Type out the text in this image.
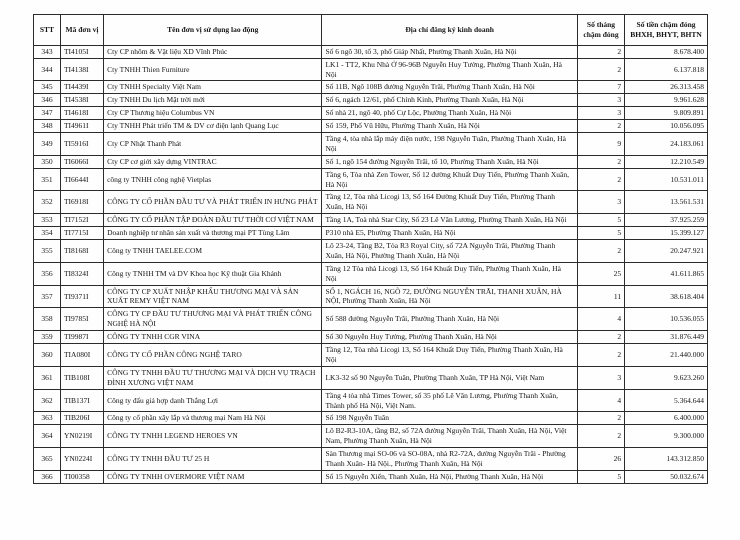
STT	Mã đơn vị	Tên đơn vị sử dụng lao động	Địa chỉ đăng ký kinh doanh	Số tháng chậm đóng	Số tiền chậm đóng BHXH, BHYT, BHTN
343	TI4105I	Cty CP nhôm & Vật liệu XD Vĩnh Phúc	Số 6 ngõ 30, tổ 3, phố Giáp Nhất, Phường Thanh Xuân, Hà Nội	2	8.678.400
344	TI4138I	Cty TNHH Thien Furniture	LK1 - TT2, Khu Nhà Ở 96-96B Nguyễn Huy Tưởng, Phường Thanh Xuân, Hà Nội	2	6.137.818
345	TI4439I	Cty TNHH Specialty Việt Nam	Số 11B, Ngõ 108B đường Nguyễn Trãi, Phường Thanh Xuân, Hà Nội	7	26.313.458
346	TI4538I	Cty TNHH Du lịch Mặt trời mới	Số 6, ngách 12/61, phố Chính Kinh, Phường Thanh Xuân, Hà Nội	3	9.961.628
347	TI4618I	Cty CP Thương hiệu Columbus VN	Số nhà 21, ngõ 40, phố Cự Lộc, Phường Thanh Xuân, Hà Nội	3	9.809.891
348	TI4961I	Cty TNHH Phát triển TM & DV cơ điện lạnh Quang Lục	Số 159, Phố Vũ Hữu, Phường Thanh Xuân, Hà Nội	2	10.056.095
349	TI5916I	Cty CP Nhật Thanh Phát	Tầng 4, tòa nhà lắp máy điện nước, 198 Nguyễn Tuân, Phường Thanh Xuân, Hà Nội	9	24.183.061
350	TI6066I	Cty CP cơ giới xây dựng VINTRAC	Số 1, ngõ 154 đường Nguyễn Trãi, tổ 10, Phường Thanh Xuân, Hà Nội	2	12.210.549
351	TI6644I	công ty TNHH công nghệ Vietplas	Tầng 6, Tòa nhà Zen Tower, Số 12 đường Khuất Duy Tiến, Phường Thanh Xuân, Hà Nội	2	10.531.011
352	TI6918I	CÔNG TY CỔ PHẦN ĐẦU TƯ VÀ PHÁT TRIỂN IN HƯNG PHÁT	Tầng 12, Tòa nhà Licogi 13, Số 164 Đường Khuất Duy Tiến, Phường Thanh Xuân, Hà Nội	3	13.561.531
353	TI7152I	CÔNG TY CỔ PHẦN TẬP ĐOÀN ĐẦU TƯ THỜI CƠ VIỆT NAM	Tầng 1A, Toà nhà Star City, Số 23 Lê Văn Lương, Phường Thanh Xuân, Hà Nội	5	37.925.259
354	TI7715I	Doanh nghiệp tư nhân sản xuất và thương mại PT Tùng Lâm	P310 nhà E5, Phường Thanh Xuân, Hà Nội	5	15.399.127
355	TI8168I	Công ty TNHH TAELEE.COM	Lô 23-24, Tầng B2, Tòa R3 Royal City, số 72A Nguyễn Trãi, Phường Thanh Xuân, Hà Nội, Phường Thanh Xuân, Hà Nội	2	20.247.921
356	TI8324I	Công ty TNHH TM và DV Khoa học Kỹ thuật Gia Khánh	Tầng 12 Tòa nhà Licogi 13, Số 164 Khuất Duy Tiến, Phường Thanh Xuân, Hà Nội	25	41.611.865
357	TI9371I	CÔNG TY CP XUẤT NHẬP KHẨU THƯƠNG MẠI VÀ SẢN XUẤT REMY VIỆT NAM	SỐ 1, NGÁCH 16, NGÕ 72, ĐƯỜNG NGUYỄN TRÃI, THANH XUÂN, HÀ NỘI, Phường Thanh Xuân, Hà Nội	11	38.618.404
358	TI9785I	CÔNG TY CP ĐẦU TƯ THƯƠNG MẠI VÀ PHÁT TRIỂN CÔNG NGHỆ HÀ NỘI	Số 588 đường Nguyễn Trãi, Phường Thanh Xuân, Hà Nội	4	10.536.055
359	TI9987I	CÔNG TY TNHH CGR VINA	Số 30 Nguyễn Huy Tưởng, Phường Thanh Xuân, Hà Nội	2	31.876.449
360	TIA080I	CÔNG TY CỔ PHẦN CÔNG NGHỆ TARO	Tầng 12, Tòa nhà Licogi 13, Số 164 Khuất Duy Tiến, Phường Thanh Xuân, Hà Nội	2	21.440.000
361	TIB108I	CÔNG TY TNHH ĐẦU TƯ THƯƠNG MẠI VÀ DỊCH VỤ TRẠCH ĐÌNH XƯƠNG VIỆT NAM	LK3-32 số 90 Nguyễn Tuân, Phường Thanh Xuân, TP Hà Nội, Việt Nam	3	9.623.260
362	TIB137I	Công ty đấu giá hợp danh Thắng Lợi	Tầng 4 tòa nhà Times Tower, số 35 phố Lê Văn Lương, Phường Thanh Xuân, Thành phố Hà Nội, Việt Nam.	4	5.364.644
363	TIB206I	Công ty cổ phần xây lắp và thương mại Nam Hà Nội	Số 198 Nguyễn Tuân	2	6.400.000
364	YN0219I	CÔNG TY TNHH LEGEND HEROES VN	Lô B2-R3-10A, tầng B2, số 72A đường Nguyễn Trãi, Thanh Xuân, Hà Nội, Việt Nam, Phường Thanh Xuân, Hà Nội	2	9.300.000
365	YN0224I	CÔNG TY TNHH ĐẦU TƯ 25 H	Sàn Thương mại SO-06 và SO-08A, nhà R2-72A, đường Nguyễn Trãi - Phường Thanh Xuân- Hà Nội., Phường Thanh Xuân, Hà Nội	26	143.312.850
366	TI00358	CÔNG TY TNHH OVERMORE VIỆT NAM	Số 15 Nguyễn Xiển, Thanh Xuân, Hà Nội, Phường Thanh Xuân, Hà Nội	5	50.032.674
